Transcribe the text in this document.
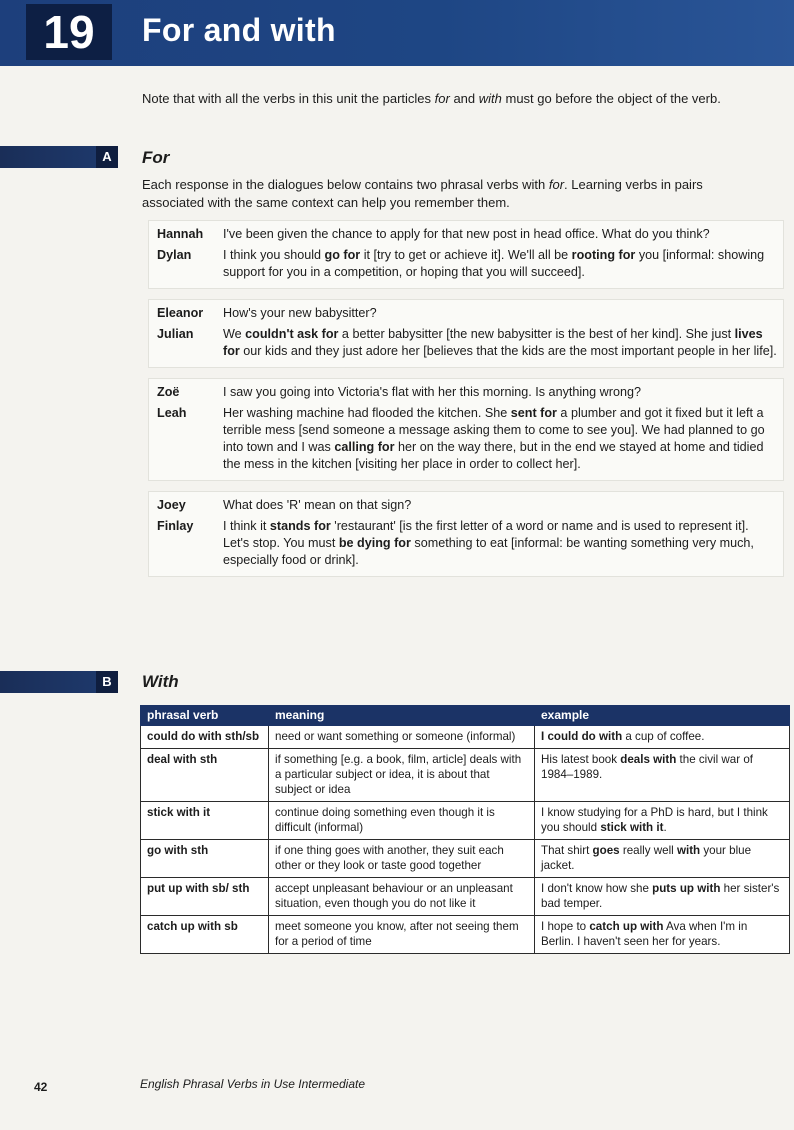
19	For and with
Note that with all the verbs in this unit the particles for and with must go before the object of the verb.
A	For
Each response in the dialogues below contains two phrasal verbs with for. Learning verbs in pairs associated with the same context can help you remember them.
Hannah	I've been given the chance to apply for that new post in head office. What do you think?
Dylan	I think you should go for it [try to get or achieve it]. We'll all be rooting for you [informal: showing support for you in a competition, or hoping that you will succeed].
Eleanor	How's your new babysitter?
Julian	We couldn't ask for a better babysitter [the new babysitter is the best of her kind]. She just lives for our kids and they just adore her [believes that the kids are the most important people in her life].
Zoë	I saw you going into Victoria's flat with her this morning. Is anything wrong?
Leah	Her washing machine had flooded the kitchen. She sent for a plumber and got it fixed but it left a terrible mess [send someone a message asking them to come to see you]. We had planned to go into town and I was calling for her on the way there, but in the end we stayed at home and tidied the mess in the kitchen [visiting her place in order to collect her].
Joey	What does 'R' mean on that sign?
Finlay	I think it stands for 'restaurant' [is the first letter of a word or name and is used to represent it]. Let's stop. You must be dying for something to eat [informal: be wanting something very much, especially food or drink].
B	With
phrasal verb	meaning	example
could do with sth/sb	need or want something or someone (informal)	I could do with a cup of coffee.
deal with sth	if something [e.g. a book, film, article] deals with a particular subject or idea, it is about that subject or idea	His latest book deals with the civil war of 1984–1989.
stick with it	continue doing something even though it is difficult (informal)	I know studying for a PhD is hard, but I think you should stick with it.
go with sth	if one thing goes with another, they suit each other or they look or taste good together	That shirt goes really well with your blue jacket.
put up with sb/ sth	accept unpleasant behaviour or an unpleasant situation, even though you do not like it	I don't know how she puts up with her sister's bad temper.
catch up with sb	meet someone you know, after not seeing them for a period of time	I hope to catch up with Ava when I'm in Berlin. I haven't seen her for years.
42	English Phrasal Verbs in Use Intermediate
